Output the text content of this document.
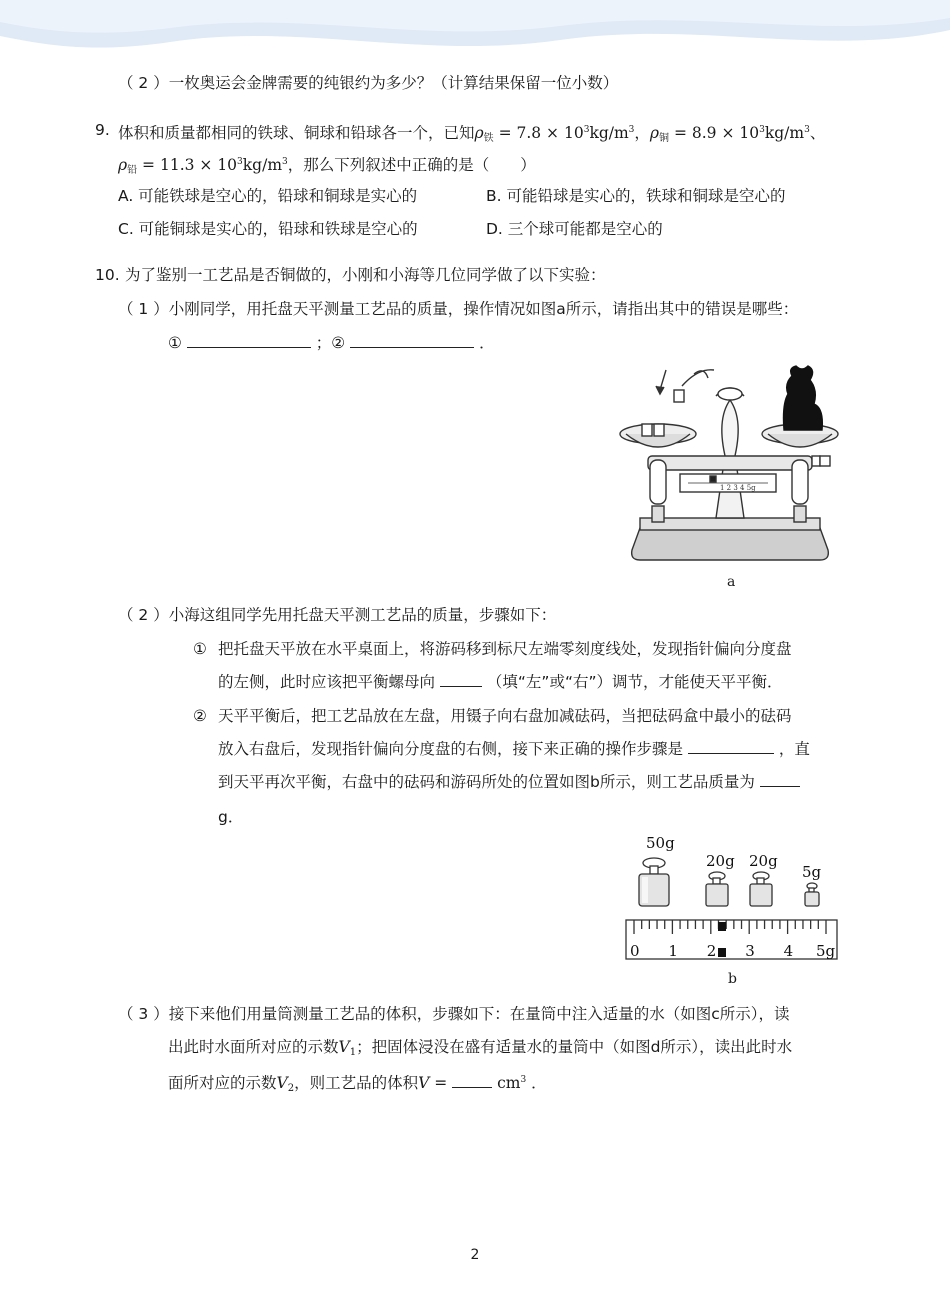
（ 2 ）一枚奥运会金牌需要的纯银约为多少？（计算结果保留一位小数）
9. 体积和质量都相同的铁球、铜球和铅球各一个，已知$\rho_铁 = 7.8 \times 10^3kg/m^3$，$\rho_铜 = 8.9 \times 10^3kg/m^3$、
$\rho_铅 = 11.3 \times 10^3kg/m^3$，那么下列叙述中正确的是（　　）
A. 可能铁球是空心的，铅球和铜球是实心的	B. 可能铅球是实心的，铁球和铜球是空心的
C. 可能铜球是实心的，铅球和铁球是空心的	D. 三个球可能都是空心的
10. 为了鉴别一工艺品是否铜做的，小刚和小海等几位同学做了以下实验：
（ 1 ）小刚同学，用托盘天平测量工艺品的质量，操作情况如图a所示，请指出其中的错误是哪些：
①	；②	．
1 2 3 4 5g
a
（ 2 ）小海这组同学先用托盘天平测工艺品的质量，步骤如下：
① 把托盘天平放在水平桌面上，将游码移到标尺左端零刻度线处，发现指针偏向分度盘
的左侧，此时应该把平衡螺母向	（填“左”或“右”）调节，才能使天平平衡．
② 天平平衡后，把工艺品放在左盘，用镊子向右盘加减砝码，当把砝码盒中最小的砝码
放入右盘后，发现指针偏向分度盘的右侧，接下来正确的操作步骤是	，直
到天平再次平衡，右盘中的砝码和游码所处的位置如图b所示，则工艺品质量为
g．
50g
20g 20g
5g
0 1 2 3 4 5g
b
（ 3 ）接下来他们用量筒测量工艺品的体积，步骤如下：在量筒中注入适量的水（如图c所示），读
出此时水面所对应的示数$V_1$；把固体浸没在盛有适量水的量筒中（如图d所示），读出此时水
面所对应的示数$V_2$，则工艺品的体积V =	$cm^3$ ．
2
